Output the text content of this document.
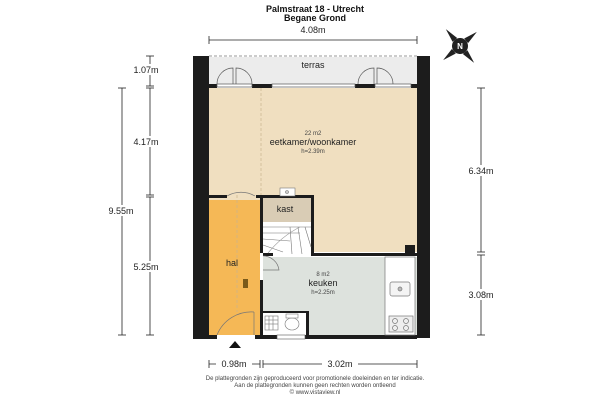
Palmstraat 18 - Utrecht
Begane Grond
terras
22 m2
eetkamer/woonkamer
h=2.39m
kast
hal
8 m2
keuken
h=2.25m
4.08m
1.07m
4.17m
9.55m
5.25m
6.34m
3.08m
0.98m	3.02m
N
De plattegronden zijn geproduceerd voor promotionele doeleinden en ter indicatie.
Aan de plattegronden kunnen geen rechten worden ontleend
© www.vistaview.nl
